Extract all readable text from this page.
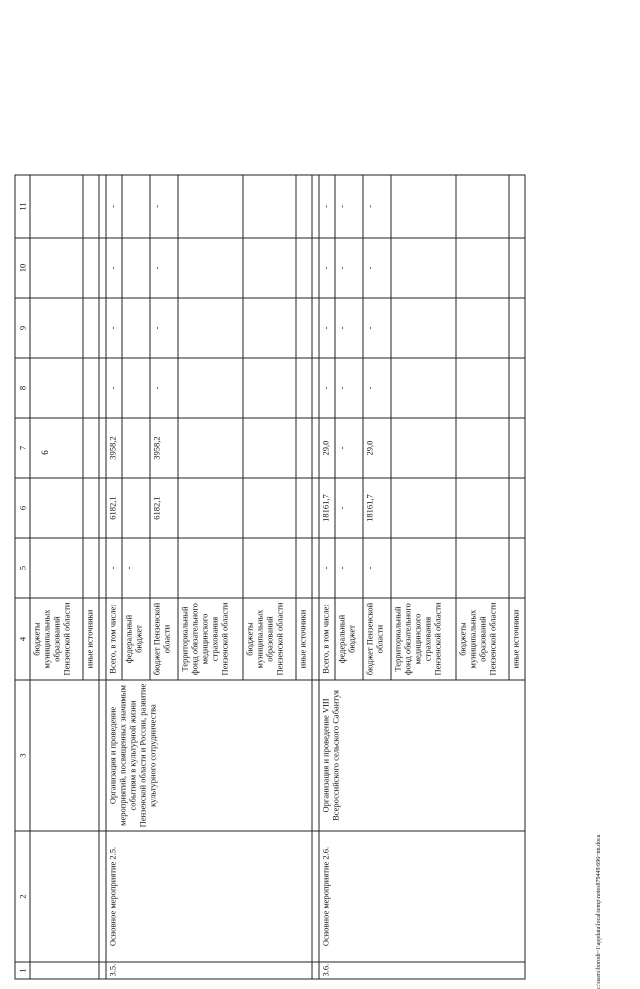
6
1	2	3	4	5	6	7	8	9	10	11
			бюджеты муниципальных образований Пензенской области							
			иные источники							

3.5.	Основное мероприятие 2.5.	Организация и проведение мероприятий, посвященных значимым событиям в культурной жизни Пензенской области и России, развитие культурного сотрудничества	Всего, в том числе:	-	6182,1	3958,2	-	-	-	-
			федеральный бюджет	-						
			бюджет Пензенской области		6182,1	3958,2	-	-	-	-
			Территориальный фонд обязательного медицинского страхования Пензенской области							
			бюджеты муниципальных образований Пензенской области							
			иные источники							

3.6.	Основное мероприятие 2.6.	Организация и проведение VIII Всероссийского сельского Сабантуя	Всего, в том числе:	-	18161,7	29,0	-	-	-	-
			федеральный бюджет	-	-	-	-	-	-	-
			бюджет Пензенской области	-	18161,7	29,0	-	-	-	-
			Территориальный фонд обязательного медицинского страхования Пензенской области							
			бюджеты муниципальных образований Пензенской области							
			иные источники							
c:\users\borodi~1\appdata\local\temp\notes879449\696~nn.doca
